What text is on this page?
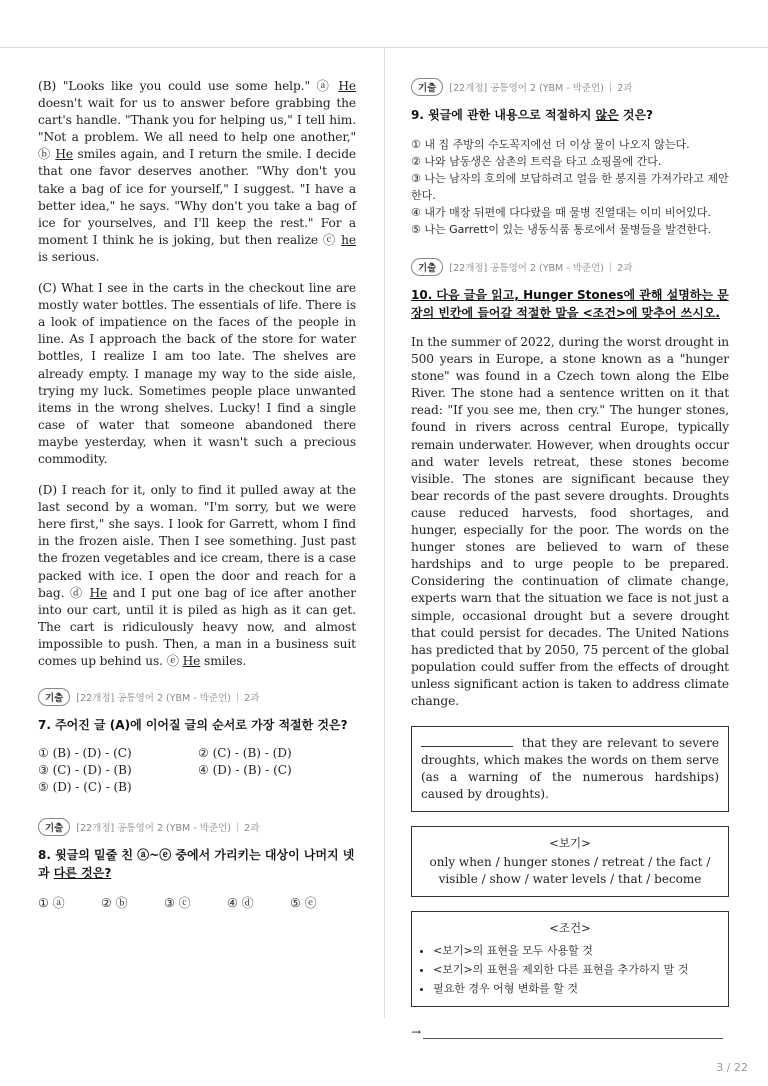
(B) "Looks like you could use some help." ⓐ He doesn't wait for us to answer before grabbing the cart's handle. "Thank you for helping us," I tell him. "Not a problem. We all need to help one another," ⓑ He smiles again, and I return the smile. I decide that one favor deserves another. "Why don't you take a bag of ice for yourself," I suggest. "I have a better idea," he says. "Why don't you take a bag of ice for yourselves, and I'll keep the rest." For a moment I think he is joking, but then realize ⓒ he is serious.

(C) What I see in the carts in the checkout line are mostly water bottles. The essentials of life. There is a look of impatience on the faces of the people in line. As I approach the back of the store for water bottles, I realize I am too late. The shelves are already empty. I manage my way to the side aisle, trying my luck. Sometimes people place unwanted items in the wrong shelves. Lucky! I find a single case of water that someone abandoned there maybe yesterday, when it wasn't such a precious commodity.

(D) I reach for it, only to find it pulled away at the last second by a woman. "I'm sorry, but we were here first," she says. I look for Garrett, whom I find in the frozen aisle. Then I see something. Just past the frozen vegetables and ice cream, there is a case packed with ice. I open the door and reach for a bag. ⓓ He and I put one bag of ice after another into our cart, until it is piled as high as it can get. The cart is ridiculously heavy now, and almost impossible to push. Then, a man in a business suit comes up behind us. ⓔ He smiles.

기출	[22개정] 공통영어 2 (YBM - 박준언) | 2과
7. 주어진 글 (A)에 이어질 글의 순서로 가장 적절한 것은?
① (B) - (D) - (C)	② (C) - (B) - (D)
③ (C) - (D) - (B)	④ (D) - (B) - (C)
⑤ (D) - (C) - (B)
기출	[22개정] 공통영어 2 (YBM - 박준언) | 2과
8. 윗글의 밑줄 친 ⓐ~ⓔ 중에서 가리키는 대상이 나머지 넷과 다른 것은?
① ⓐ	② ⓑ	③ ⓒ	④ ⓓ	⑤ ⓔ
기출	[22개정] 공통영어 2 (YBM - 박준언) | 2과
9. 윗글에 관한 내용으로 적절하지 않은 것은?
① 내 집 주방의 수도꼭지에선 더 이상 물이 나오지 않는다.
② 나와 남동생은 삼촌의 트럭을 타고 쇼핑몰에 간다.
③ 나는 남자의 호의에 보답하려고 얼음 한 봉지를 가져가라고 제안한다.
④ 내가 매장 뒤편에 다다랐을 때 물병 진열대는 이미 비어있다.
⑤ 나는 Garrett이 있는 냉동식품 통로에서 물병들을 발견한다.
기출	[22개정] 공통영어 2 (YBM - 박준언) | 2과
10. 다음 글을 읽고, Hunger Stones에 관해 설명하는 문장의 빈칸에 들어갈 적절한 말을 <조건>에 맞추어 쓰시오.

In the summer of 2022, during the worst drought in 500 years in Europe, a stone known as a "hunger stone" was found in a Czech town along the Elbe River. The stone had a sentence written on it that read: "If you see me, then cry." The hunger stones, found in rivers across central Europe, typically remain underwater. However, when droughts occur and water levels retreat, these stones become visible. The stones are significant because they bear records of the past severe droughts. Droughts cause reduced harvests, food shortages, and hunger, especially for the poor. The words on the hunger stones are believed to warn of these hardships and to urge people to be prepared. Considering the continuation of climate change, experts warn that the situation we face is not just a simple, occasional drought but a severe drought that could persist for decades. The United Nations has predicted that by 2050, 75 percent of the global population could suffer from the effects of drought unless significant action is taken to address climate change.

that they are relevant to severe droughts, which makes the words on them serve (as a warning of the numerous hardships) caused by droughts).
<보기>
only when / hunger stones / retreat / the fact / visible / show / water levels / that / become
<조건>
• <보기>의 표현을 모두 사용할 것
• <보기>의 표현을 제외한 다른 표현을 추가하지 말 것
• 필요한 경우 어형 변화를 할 것
→
3 / 22
